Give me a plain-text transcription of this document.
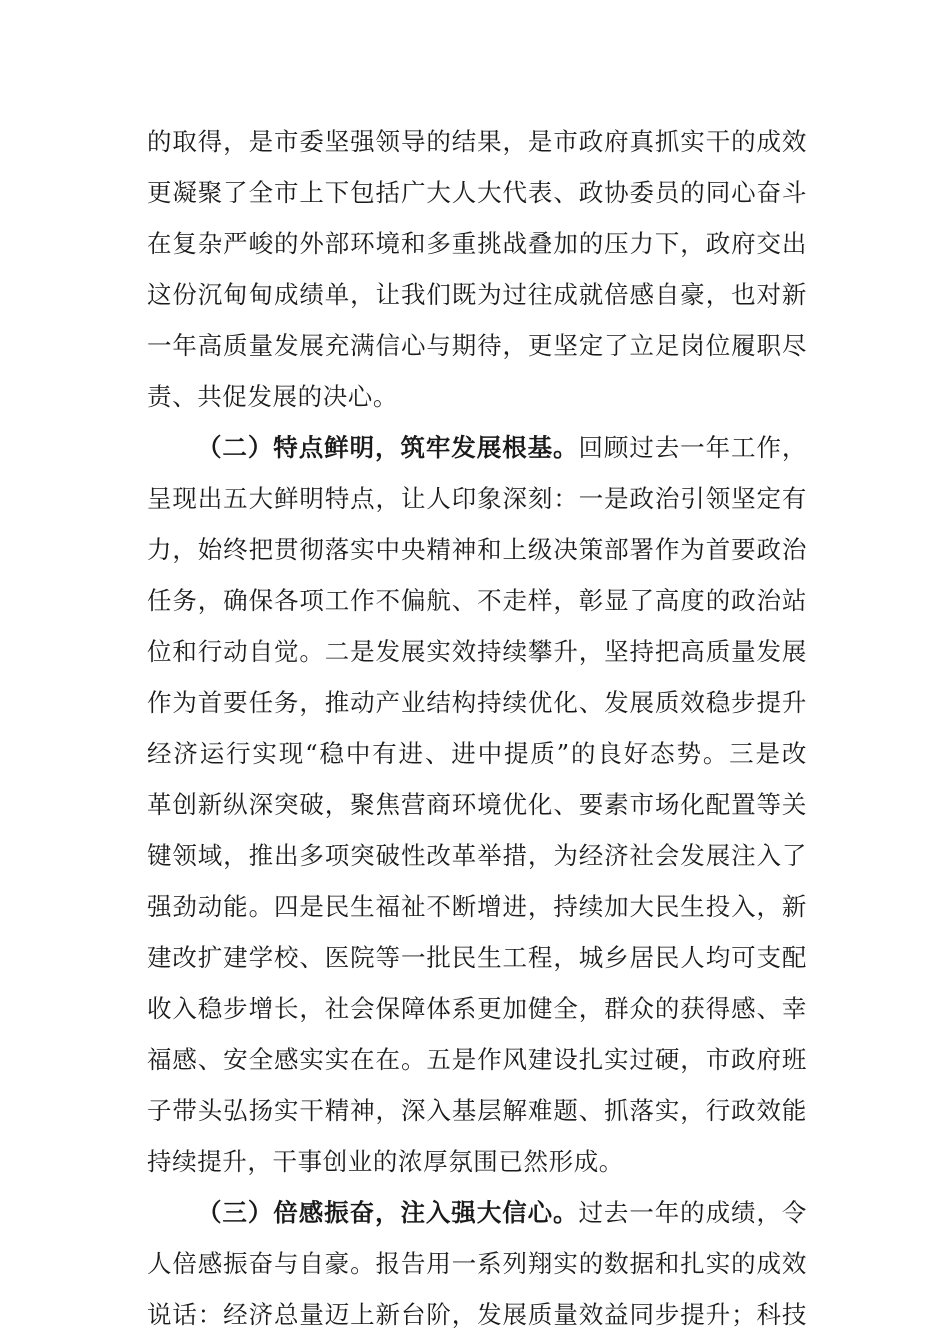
的取得，是市委坚强领导的结果，是市政府真抓实干的成效
更凝聚了全市上下包括广大人大代表、政协委员的同心奋斗
在复杂严峻的外部环境和多重挑战叠加的压力下，政府交出
这份沉甸甸成绩单，让我们既为过往成就倍感自豪，也对新
一年高质量发展充满信心与期待，更坚定了立足岗位履职尽
责、共促发展的决心。
（二）特点鲜明，筑牢发展根基。回顾过去一年工作，
呈现出五大鲜明特点，让人印象深刻：一是政治引领坚定有
力，始终把贯彻落实中央精神和上级决策部署作为首要政治
任务，确保各项工作不偏航、不走样，彰显了高度的政治站
位和行动自觉。二是发展实效持续攀升，坚持把高质量发展
作为首要任务，推动产业结构持续优化、发展质效稳步提升
经济运行实现“稳中有进、进中提质”的良好态势。三是改
革创新纵深突破，聚焦营商环境优化、要素市场化配置等关
键领域，推出多项突破性改革举措，为经济社会发展注入了
强劲动能。四是民生福祉不断增进，持续加大民生投入，新
建改扩建学校、医院等一批民生工程，城乡居民人均可支配
收入稳步增长，社会保障体系更加健全，群众的获得感、幸
福感、安全感实实在在。五是作风建设扎实过硬，市政府班
子带头弘扬实干精神，深入基层解难题、抓落实，行政效能
持续提升，干事创业的浓厚氛围已然形成。
（三）倍感振奋，注入强大信心。过去一年的成绩，令
人倍感振奋与自豪。报告用一系列翔实的数据和扎实的成效
说话：经济总量迈上新台阶，发展质量效益同步提升；科技
